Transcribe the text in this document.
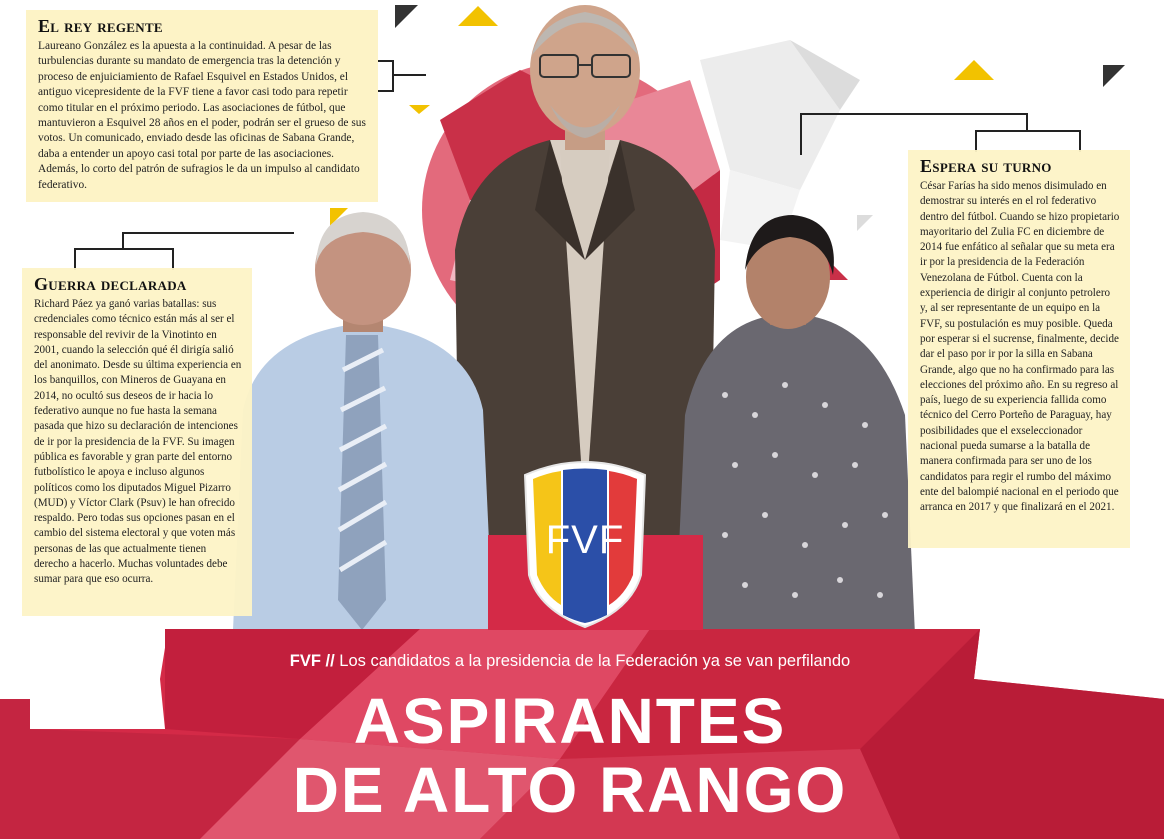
FVF
El rey regente

Laureano González es la apuesta a la continuidad. A pesar de las turbulencias durante su mandato de emergencia tras la detención y proceso de enjuiciamiento de Rafael Esquivel en Estados Unidos, el antiguo vicepresidente de la FVF tiene a favor casi todo para repetir como titular en el próximo periodo. Las asociaciones de fútbol, que mantuvieron a Esquivel 28 años en el poder, podrán ser el grueso de sus votos. Un comunicado, enviado desde las oficinas de Sabana Grande, daba a entender un apoyo casi total por parte de las asociaciones. Además, lo corto del patrón de sufragios le da un impulso al candidato federativo.

Guerra declarada

Richard Páez ya ganó varias batallas: sus credenciales como técnico están más al ser el responsable del revivir de la Vinotinto en 2001, cuando la selección qué él dirigía salió del anonimato. Desde su última experiencia en los banquillos, con Mineros de Guayana en 2014, no ocultó sus deseos de ir hacia lo federativo aunque no fue hasta la semana pasada que hizo su declaración de intenciones de ir por la presidencia de la FVF. Su imagen pública es favorable y gran parte del entorno futbolístico le apoya e incluso algunos políticos como los diputados Miguel Pizarro (MUD) y Víctor Clark (Psuv) le han ofrecido respaldo. Pero todas sus opciones pasan en el cambio del sistema electoral y que voten más personas de las que actualmente tienen derecho a hacerlo. Muchas voluntades debe sumar para que eso ocurra.

Espera su turno

César Farías ha sido menos disimulado en demostrar su interés en el rol federativo dentro del fútbol. Cuando se hizo propietario mayoritario del Zulia FC en diciembre de 2014 fue enfático al señalar que su meta era ir por la presidencia de la Federación Venezolana de Fútbol. Cuenta con la experiencia de dirigir al conjunto petrolero y, al ser representante de un equipo en la FVF, su postulación es muy posible. Queda por esperar si el sucrense, finalmente, decide dar el paso por ir por la silla en Sabana Grande, algo que no ha confirmado para las elecciones del próximo año. En su regreso al país, luego de su experiencia fallida como técnico del Cerro Porteño de Paraguay, hay posibilidades que el exseleccionador nacional pueda sumarse a la batalla de manera confirmada para ser uno de los candidatos para regir el rumbo del máximo ente del balompié nacional en el periodo que arranca en 2017 y que finalizará en el 2021.

FVF // Los candidatos a la presidencia de la Federación ya se van perfilando
ASPIRANTES
DE ALTO RANGO
